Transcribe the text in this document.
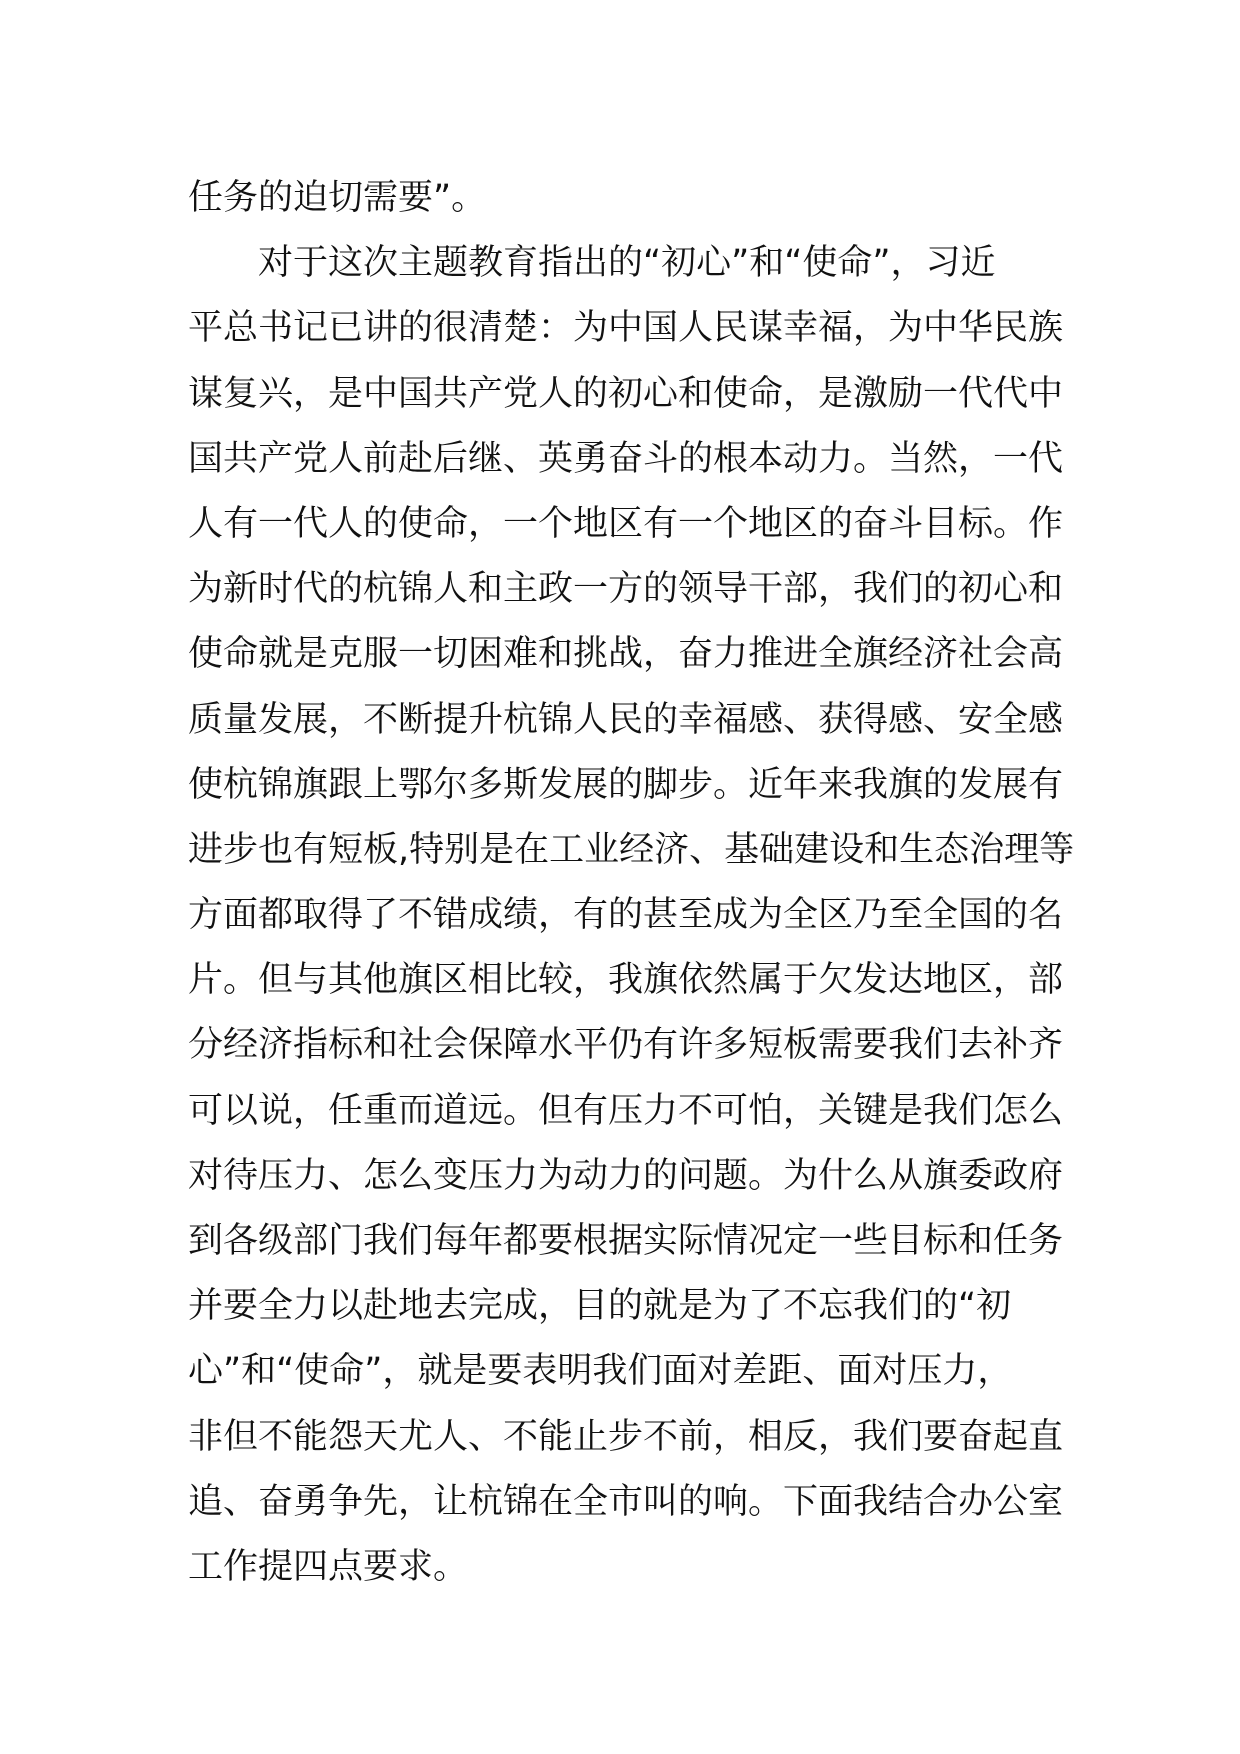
任务的迫切需要”。
对于这次主题教育指出的“初心”和“使命”，习近
平总书记已讲的很清楚：为中国人民谋幸福，为中华民族
谋复兴，是中国共产党人的初心和使命，是激励一代代中
国共产党人前赴后继、英勇奋斗的根本动力。当然，一代
人有一代人的使命，一个地区有一个地区的奋斗目标。作
为新时代的杭锦人和主政一方的领导干部，我们的初心和
使命就是克服一切困难和挑战，奋力推进全旗经济社会高
质量发展，不断提升杭锦人民的幸福感、获得感、安全感
使杭锦旗跟上鄂尔多斯发展的脚步。近年来我旗的发展有
进步也有短板,特别是在工业经济、基础建设和生态治理等
方面都取得了不错成绩，有的甚至成为全区乃至全国的名
片。但与其他旗区相比较，我旗依然属于欠发达地区，部
分经济指标和社会保障水平仍有许多短板需要我们去补齐
可以说，任重而道远。但有压力不可怕，关键是我们怎么
对待压力、怎么变压力为动力的问题。为什么从旗委政府
到各级部门我们每年都要根据实际情况定一些目标和任务
并要全力以赴地去完成，目的就是为了不忘我们的“初
心”和“使命”，就是要表明我们面对差距、面对压力，
非但不能怨天尤人、不能止步不前，相反，我们要奋起直
追、奋勇争先，让杭锦在全市叫的响。下面我结合办公室
工作提四点要求。
